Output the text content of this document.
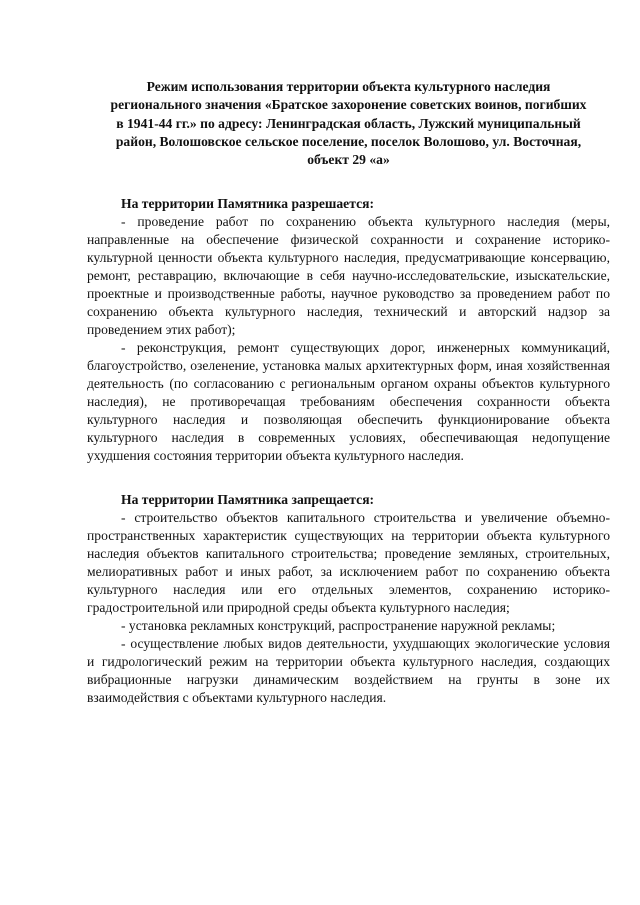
Режим использования территории объекта культурного наследия
регионального значения «Братское захоронение советских воинов, погибших
в 1941-44 гг.» по адресу: Ленинградская область, Лужский муниципальный
район, Волошовское сельское поселение, поселок Волошово, ул. Восточная,
объект 29 «а»

На территории Памятника разрешается:

- проведение работ по сохранению объекта культурного наследия (меры, направленные на обеспечение физической сохранности и сохранение историко-культурной ценности объекта культурного наследия, предусматривающие консервацию, ремонт, реставрацию, включающие в себя научно-исследовательские, изыскательские, проектные и производственные работы, научное руководство за проведением работ по сохранению объекта культурного наследия, технический и авторский надзор за проведением этих работ);

- реконструкция, ремонт существующих дорог, инженерных коммуникаций, благоустройство, озеленение, установка малых архитектурных форм, иная хозяйственная деятельность (по согласованию с региональным органом охраны объектов культурного наследия), не противоречащая требованиям обеспечения сохранности объекта культурного наследия и позволяющая обеспечить функционирование объекта культурного наследия в современных условиях, обеспечивающая недопущение ухудшения состояния территории объекта культурного наследия.

На территории Памятника запрещается:

- строительство объектов капитального строительства и увеличение объемно-пространственных характеристик существующих на территории объекта культурного наследия объектов капитального строительства; проведение земляных, строительных, мелиоративных работ и иных работ, за исключением работ по сохранению объекта культурного наследия или его отдельных элементов, сохранению историко-градостроительной или природной среды объекта культурного наследия;

- установка рекламных конструкций, распространение наружной рекламы;

- осуществление любых видов деятельности, ухудшающих экологические условия и гидрологический режим на территории объекта культурного наследия, создающих вибрационные нагрузки динамическим воздействием на грунты в зоне их взаимодействия с объектами культурного наследия.
